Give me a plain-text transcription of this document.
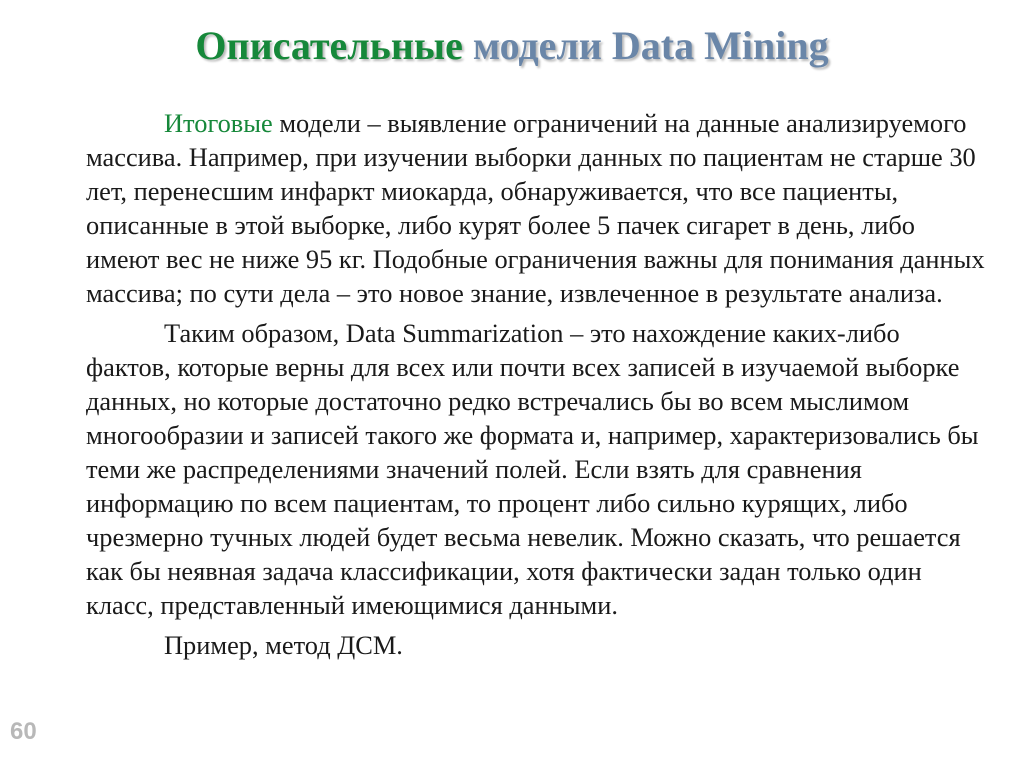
Описательные модели Data Mining

Итоговые модели – выявление ограничений на данные анализируемого массива. Например, при изучении выборки данных по пациентам не старше 30 лет, перенесшим инфаркт миокарда, обнаруживается, что все пациенты, описанные в этой выборке, либо курят более 5 пачек сигарет в день, либо имеют вес не ниже 95 кг. Подобные ограничения важны для понимания данных массива; по сути дела – это новое знание, извлеченное в результате анализа.

Таким образом, Data Summarization – это нахождение каких-либо фактов, которые верны для всех или почти всех записей в изучаемой выборке данных, но которые достаточно редко встречались бы во всем мыслимом многообразии и записей такого же формата и, например, характеризовались бы теми же распределениями значений полей. Если взять для сравнения информацию по всем пациентам, то процент либо сильно курящих, либо чрезмерно тучных людей будет весьма невелик. Можно сказать, что решается как бы неявная задача классификации, хотя фактически задан только один класс, представленный имеющимися данными.

Пример, метод ДСМ.

60
